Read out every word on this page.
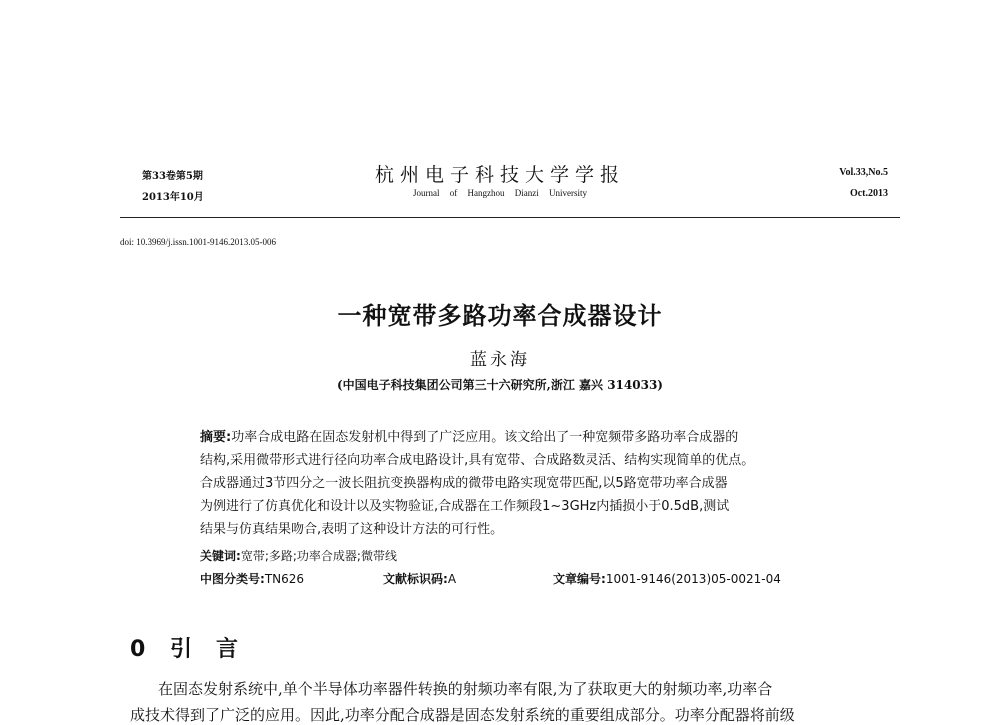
第33卷第5期
2013年10月
杭州电子科技大学学报
Journal of Hangzhou Dianzi University
Vol.33,No.5
Oct.2013
doi: 10.3969/j.issn.1001-9146.2013.05-006
一种宽带多路功率合成器设计
蓝永海
(中国电子科技集团公司第三十六研究所,浙江 嘉兴 314033)
摘要:功率合成电路在固态发射机中得到了广泛应用。该文给出了一种宽频带多路功率合成器的
结构,采用微带形式进行径向功率合成电路设计,具有宽带、合成路数灵活、结构实现简单的优点。
合成器通过3节四分之一波长阻抗变换器构成的微带电路实现宽带匹配,以5路宽带功率合成器
为例进行了仿真优化和设计以及实物验证,合成器在工作频段1~3GHz内插损小于0.5dB,测试
结果与仿真结果吻合,表明了这种设计方法的可行性。
关键词:宽带;多路;功率合成器;微带线
中图分类号:TN626	文献标识码:A	文章编号:1001-9146(2013)05-0021-04
0 引言
在固态发射系统中,单个半导体功率器件转换的射频功率有限,为了获取更大的射频功率,功率合
成技术得到了广泛的应用。因此,功率分配合成器是固态发射系统的重要组成部分。功率分配器将前级
